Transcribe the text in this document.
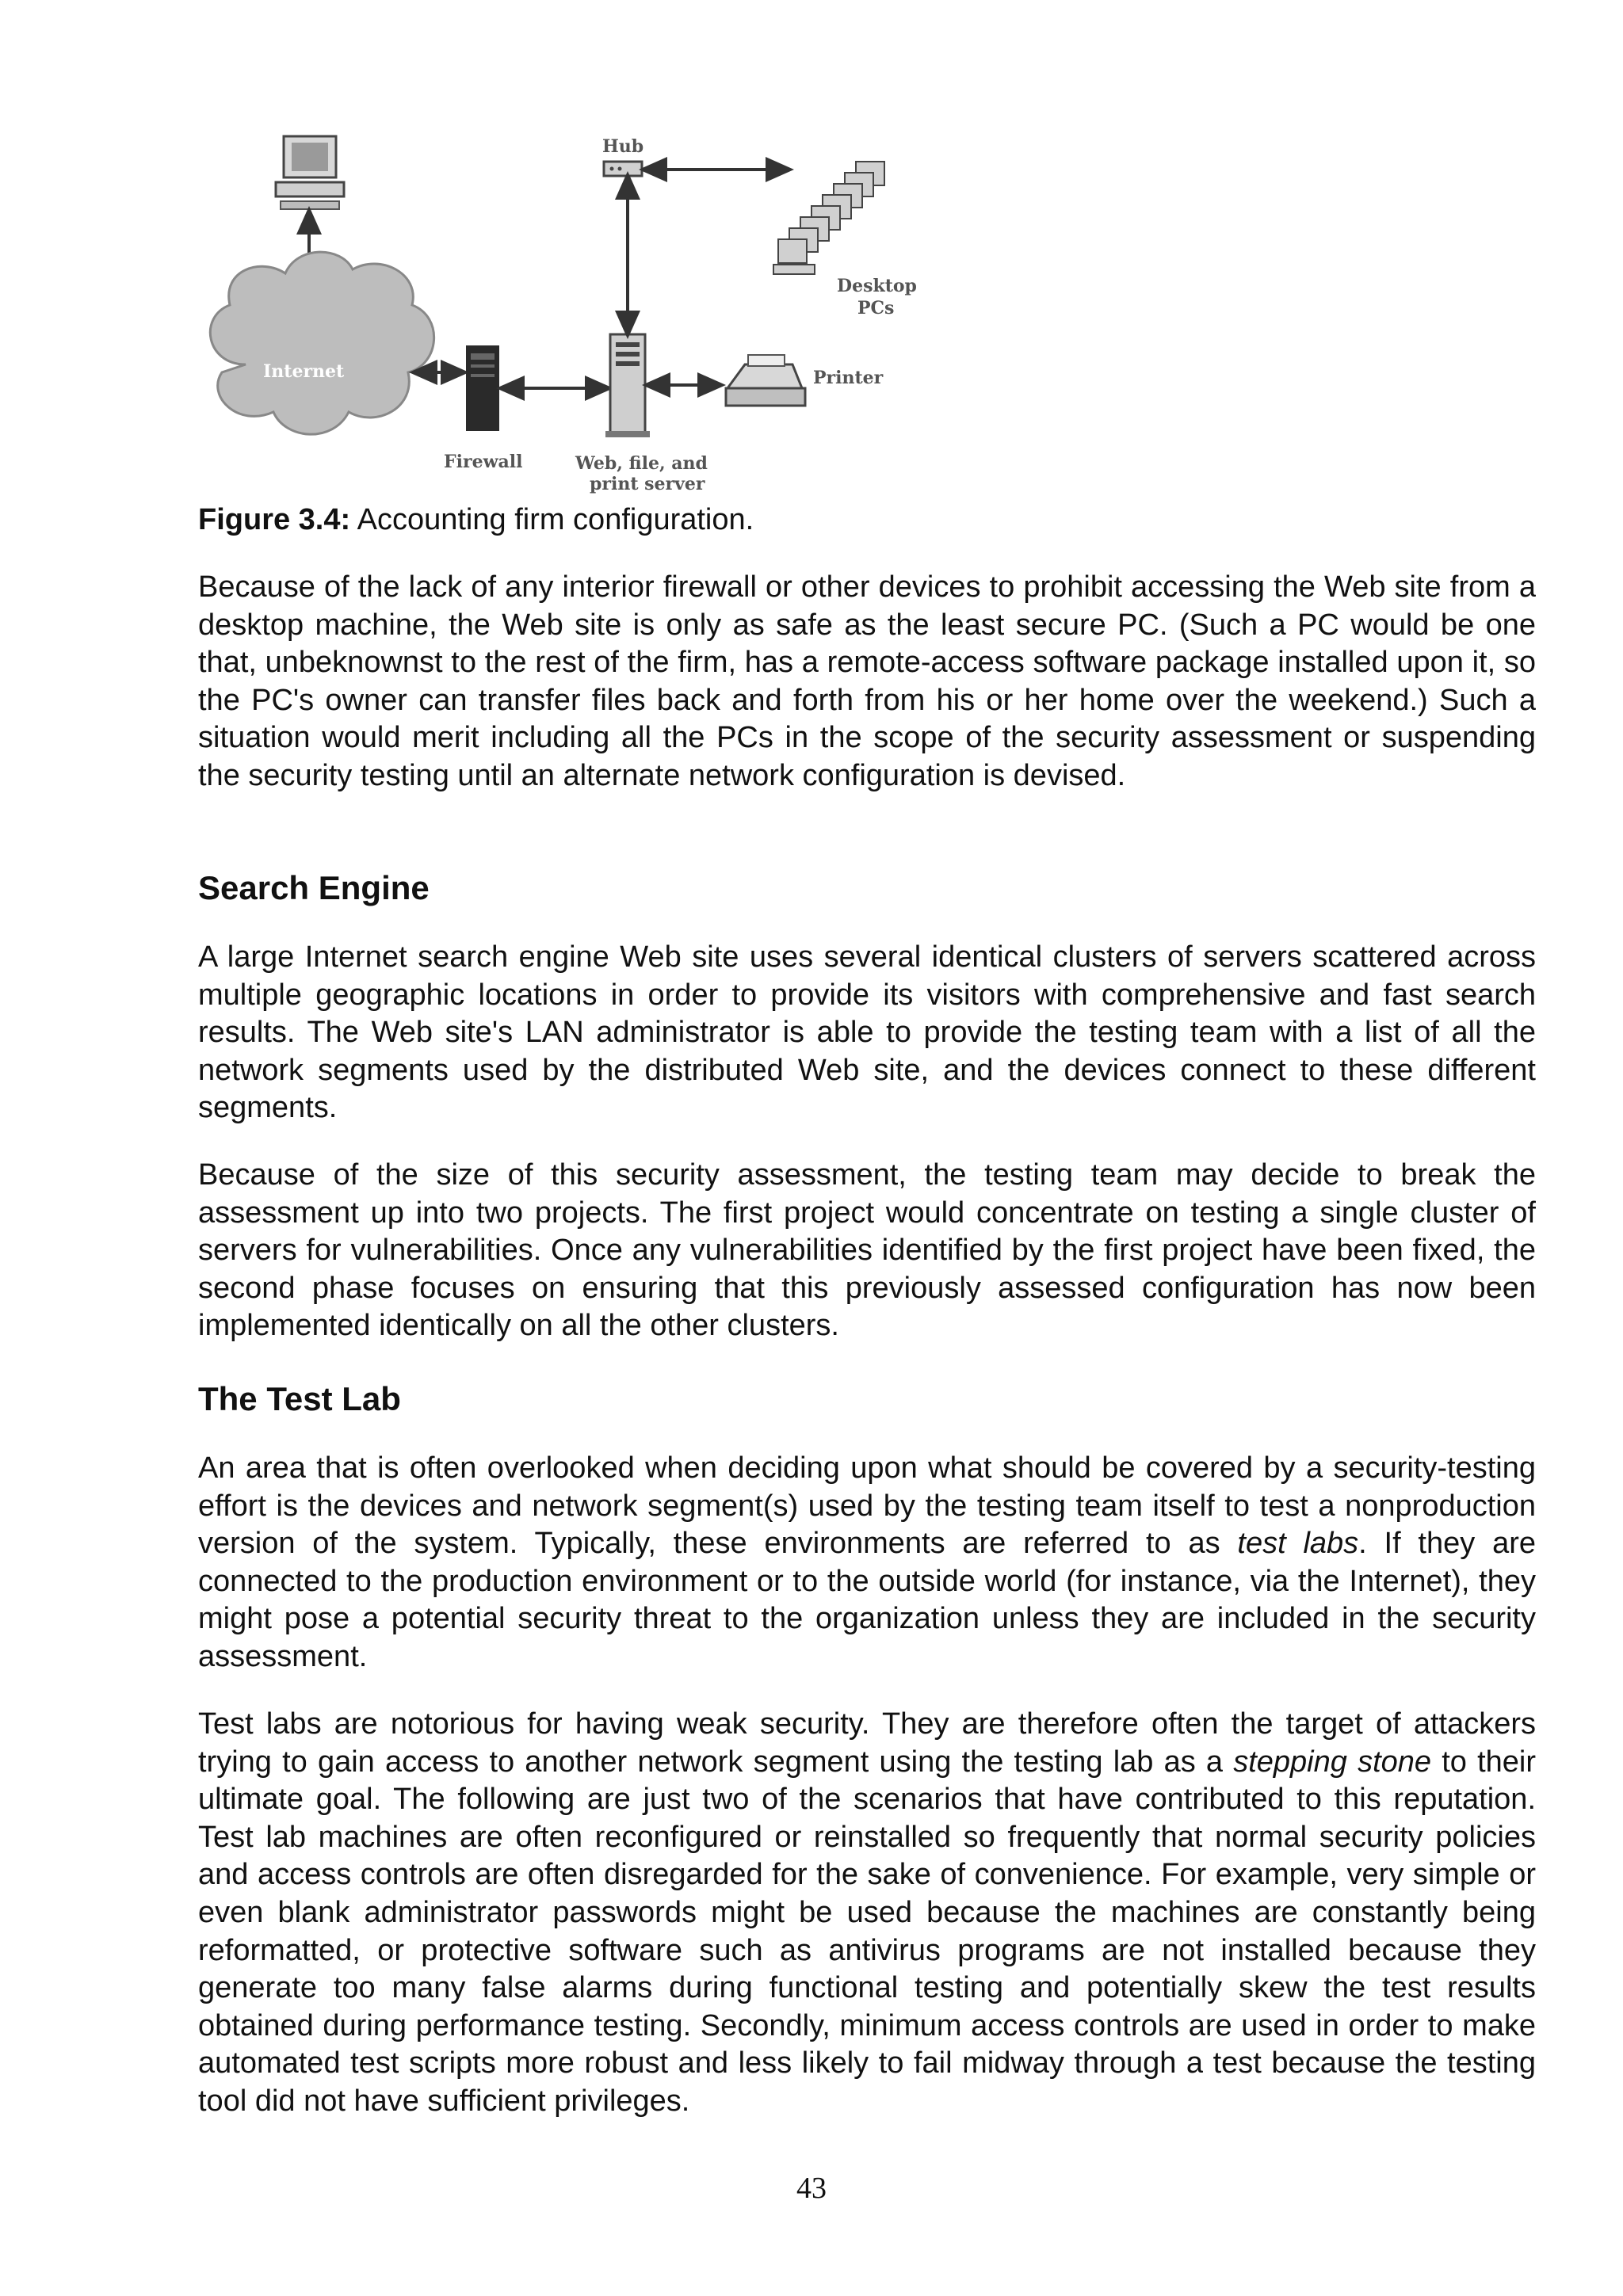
Internet
Firewall	Web, file, and
print server
Hub
Desktop
PCs
Printer
Figure 3.4: Accounting firm configuration.

Because of the lack of any interior firewall or other devices to prohibit accessing the Web site from a desktop machine, the Web site is only as safe as the least secure PC. (Such a PC would be one that, unbeknownst to the rest of the firm, has a remote-access software package installed upon it, so the PC's owner can transfer files back and forth from his or her home over the weekend.) Such a situation would merit including all the PCs in the scope of the security assessment or suspending the security testing until an alternate network configuration is devised.

Search Engine

A large Internet search engine Web site uses several identical clusters of servers scattered across multiple geographic locations in order to provide its visitors with comprehensive and fast search results. The Web site's LAN administrator is able to provide the testing team with a list of all the network segments used by the distributed Web site, and the devices connect to these different segments.

Because of the size of this security assessment, the testing team may decide to break the assessment up into two projects. The first project would concentrate on testing a single cluster of servers for vulnerabilities. Once any vulnerabilities identified by the first project have been fixed, the second phase focuses on ensuring that this previously assessed configuration has now been implemented identically on all the other clusters.

The Test Lab

An area that is often overlooked when deciding upon what should be covered by a security-testing effort is the devices and network segment(s) used by the testing team itself to test a nonproduction version of the system. Typically, these environments are referred to as test labs. If they are connected to the production environment or to the outside world (for instance, via the Internet), they might pose a potential security threat to the organization unless they are included in the security assessment.

Test labs are notorious for having weak security. They are therefore often the target of attackers trying to gain access to another network segment using the testing lab as a stepping stone to their ultimate goal. The following are just two of the scenarios that have contributed to this reputation. Test lab machines are often reconfigured or reinstalled so frequently that normal security policies and access controls are often disregarded for the sake of convenience. For example, very simple or even blank administrator passwords might be used because the machines are constantly being reformatted, or protective software such as antivirus programs are not installed because they generate too many false alarms during functional testing and potentially skew the test results obtained during performance testing. Secondly, minimum access controls are used in order to make automated test scripts more robust and less likely to fail midway through a test because the testing tool did not have sufficient privileges.

43
